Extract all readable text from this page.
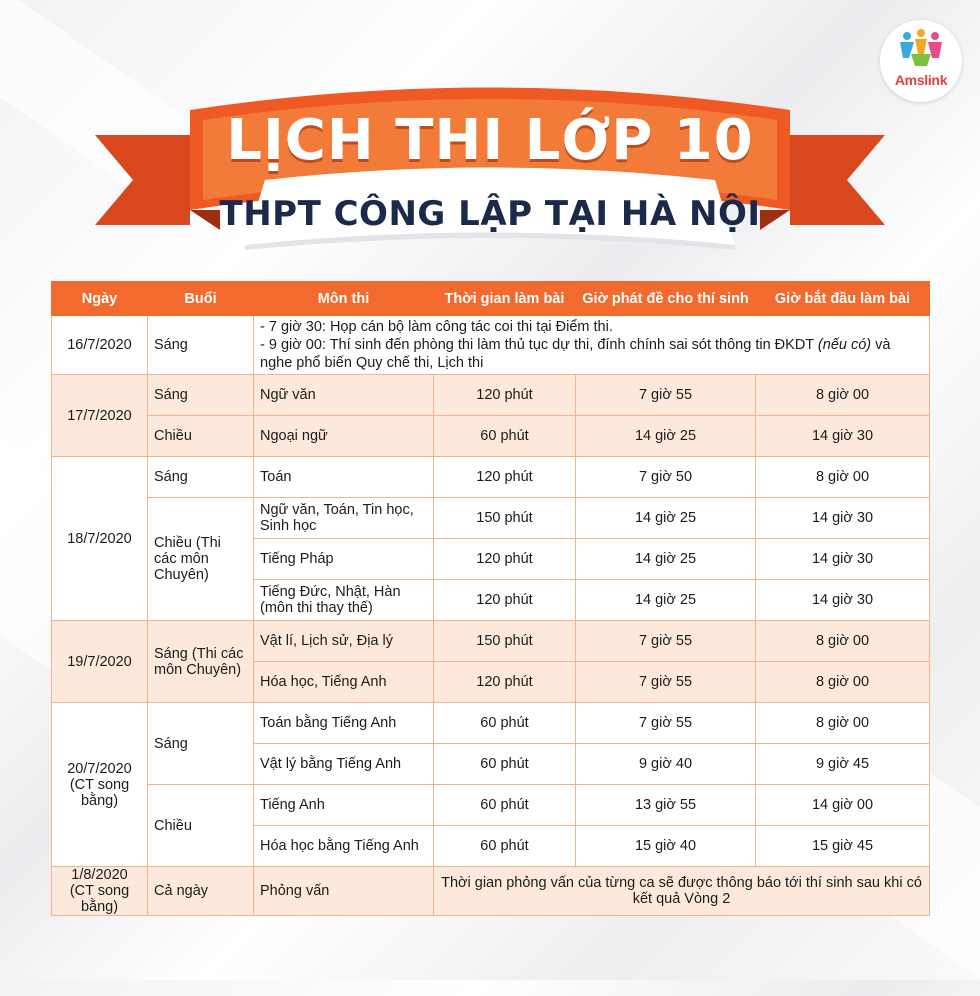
Amslink
LỊCH THI LỚP 10
THPT CÔNG LẬP TẠI HÀ NỘI
Ngày	Buổi	Môn thi	Thời gian làm bài	Giờ phát đề cho thí sinh	Giờ bắt đầu làm bài
16/7/2020	Sáng	- 7 giờ 30: Họp cán bộ làm công tác coi thi tại Điểm thi.
- 9 giờ 00: Thí sinh đến phòng thi làm thủ tục dự thi, đính chính sai sót thông tin ĐKDT (nếu có) và nghe phổ biến Quy chế thi, Lịch thi			
17/7/2020	Sáng	Ngữ văn	120 phút	7 giờ 55	8 giờ 00
	Chiều	Ngoại ngữ	60 phút	14 giờ 25	14 giờ 30
18/7/2020	Sáng	Toán	120 phút	7 giờ 50	8 giờ 00
	Chiều (Thi các môn Chuyên)	Ngữ văn, Toán, Tin học, Sinh học	150 phút	14 giờ 25	14 giờ 30
		Tiếng Pháp	120 phút	14 giờ 25	14 giờ 30
		Tiếng Đức, Nhật, Hàn (môn thi thay thế)	120 phút	14 giờ 25	14 giờ 30
19/7/2020	Sáng (Thi các môn Chuyên)	Vật lí, Lịch sử, Địa lý	150 phút	7 giờ 55	8 giờ 00
		Hóa học, Tiếng Anh	120 phút	7 giờ 55	8 giờ 00
20/7/2020 (CT song bằng)	Sáng	Toán bằng Tiếng Anh	60 phút	7 giờ 55	8 giờ 00
		Vật lý bằng Tiếng Anh	60 phút	9 giờ 40	9 giờ 45
	Chiều	Tiếng Anh	60 phút	13 giờ 55	14 giờ 00
		Hóa học bằng Tiếng Anh	60 phút	15 giờ 40	15 giờ 45
1/8/2020 (CT song bằng)	Cả ngày	Phỏng vấn	Thời gian phỏng vấn của từng ca sẽ được thông báo tới thí sinh sau khi có kết quả Vòng 2		
